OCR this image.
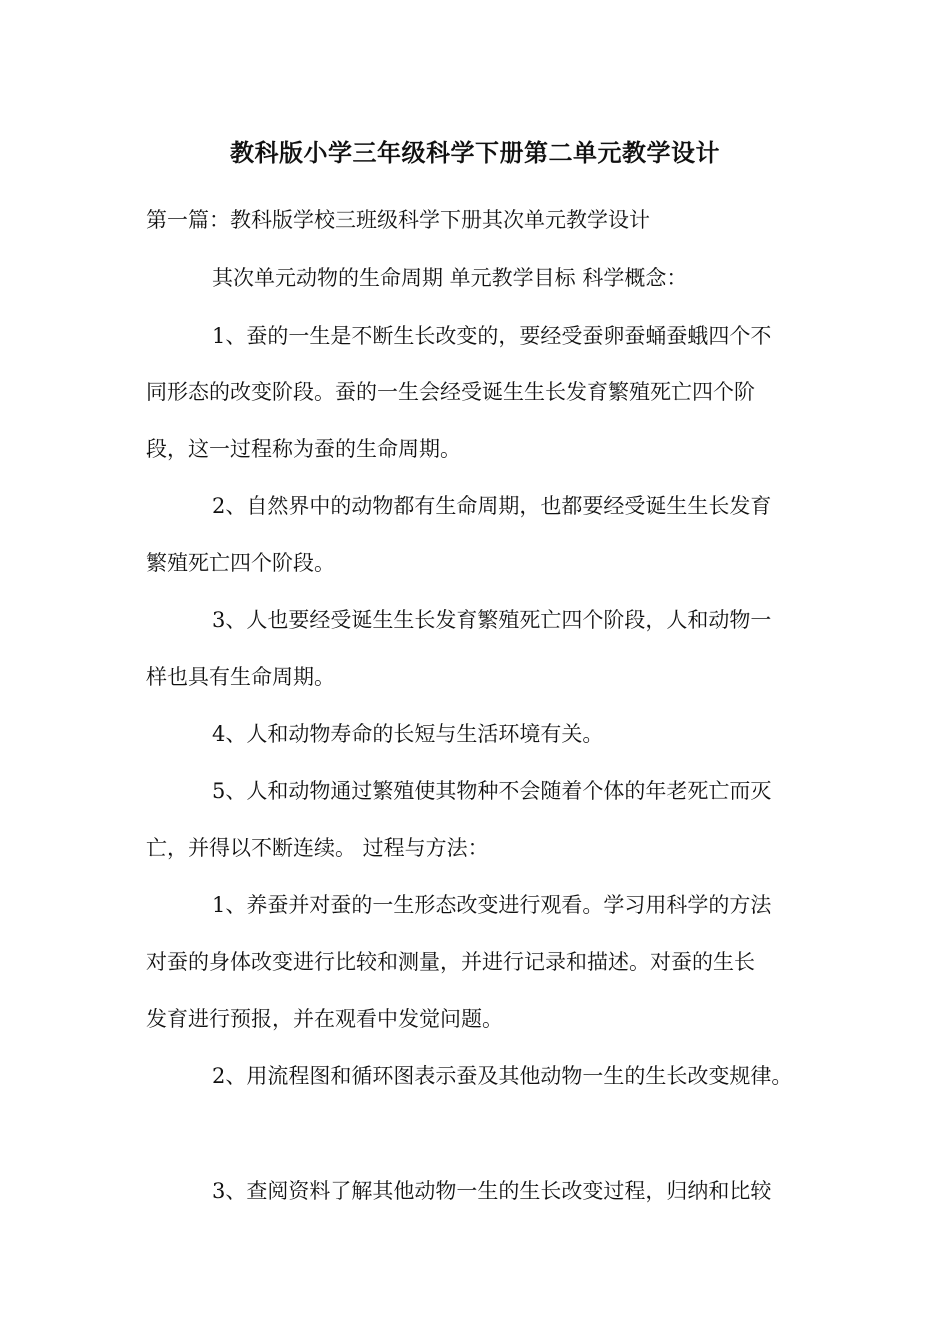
教科版小学三年级科学下册第二单元教学设计

第一篇：教科版学校三班级科学下册其次单元教学设计

其次单元动物的生命周期 单元教学目标 科学概念：

1、蚕的一生是不断生长改变的，要经受蚕卵蚕蛹蚕蛾四个不

同形态的改变阶段。蚕的一生会经受诞生生长发育繁殖死亡四个阶

段，这一过程称为蚕的生命周期。

2、自然界中的动物都有生命周期，也都要经受诞生生长发育

繁殖死亡四个阶段。

3、人也要经受诞生生长发育繁殖死亡四个阶段，人和动物一

样也具有生命周期。

4、人和动物寿命的长短与生活环境有关。

5、人和动物通过繁殖使其物种不会随着个体的年老死亡而灭

亡，并得以不断连续。 过程与方法：

1、养蚕并对蚕的一生形态改变进行观看。学习用科学的方法

对蚕的身体改变进行比较和测量，并进行记录和描述。对蚕的生长

发育进行预报，并在观看中发觉问题。

2、用流程图和循环图表示蚕及其他动物一生的生长改变规律。

3、查阅资料了解其他动物一生的生长改变过程，归纳和比较
